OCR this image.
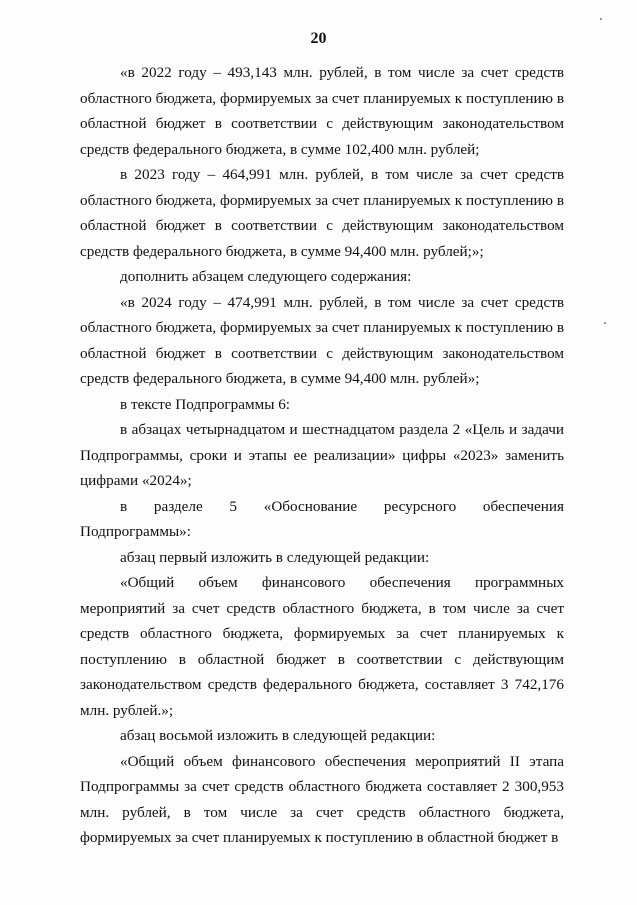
20

«в 2022 году – 493,143 млн. рублей, в том числе за счет средств областного бюджета, формируемых за счет планируемых к поступлению в областной бюджет в соответствии с действующим законодательством средств федерального бюджета, в сумме 102,400 млн. рублей;

в 2023 году – 464,991 млн. рублей, в том числе за счет средств областного бюджета, формируемых за счет планируемых к поступлению в областной бюджет в соответствии с действующим законодательством средств федерального бюджета, в сумме 94,400 млн. рублей;»;

дополнить абзацем следующего содержания:

«в 2024 году – 474,991 млн. рублей, в том числе за счет средств областного бюджета, формируемых за счет планируемых к поступлению в областной бюджет в соответствии с действующим законодательством средств федерального бюджета, в сумме 94,400 млн. рублей»;

в тексте Подпрограммы 6:

в абзацах четырнадцатом и шестнадцатом раздела 2 «Цель и задачи Подпрограммы, сроки и этапы ее реализации» цифры «2023» заменить цифрами «2024»;

в разделе 5 «Обоснование ресурсного обеспечения Подпрограммы»:

абзац первый изложить в следующей редакции:

«Общий объем финансового обеспечения программных мероприятий за счет средств областного бюджета, в том числе за счет средств областного бюджета, формируемых за счет планируемых к поступлению в областной бюджет в соответствии с действующим законодательством средств федерального бюджета, составляет 3 742,176 млн. рублей.»;

абзац восьмой изложить в следующей редакции:

«Общий объем финансового обеспечения мероприятий II этапа Подпрограммы за счет средств областного бюджета составляет 2 300,953 млн. рублей, в том числе за счет средств областного бюджета, формируемых за счет планируемых к поступлению в областной бюджет в
